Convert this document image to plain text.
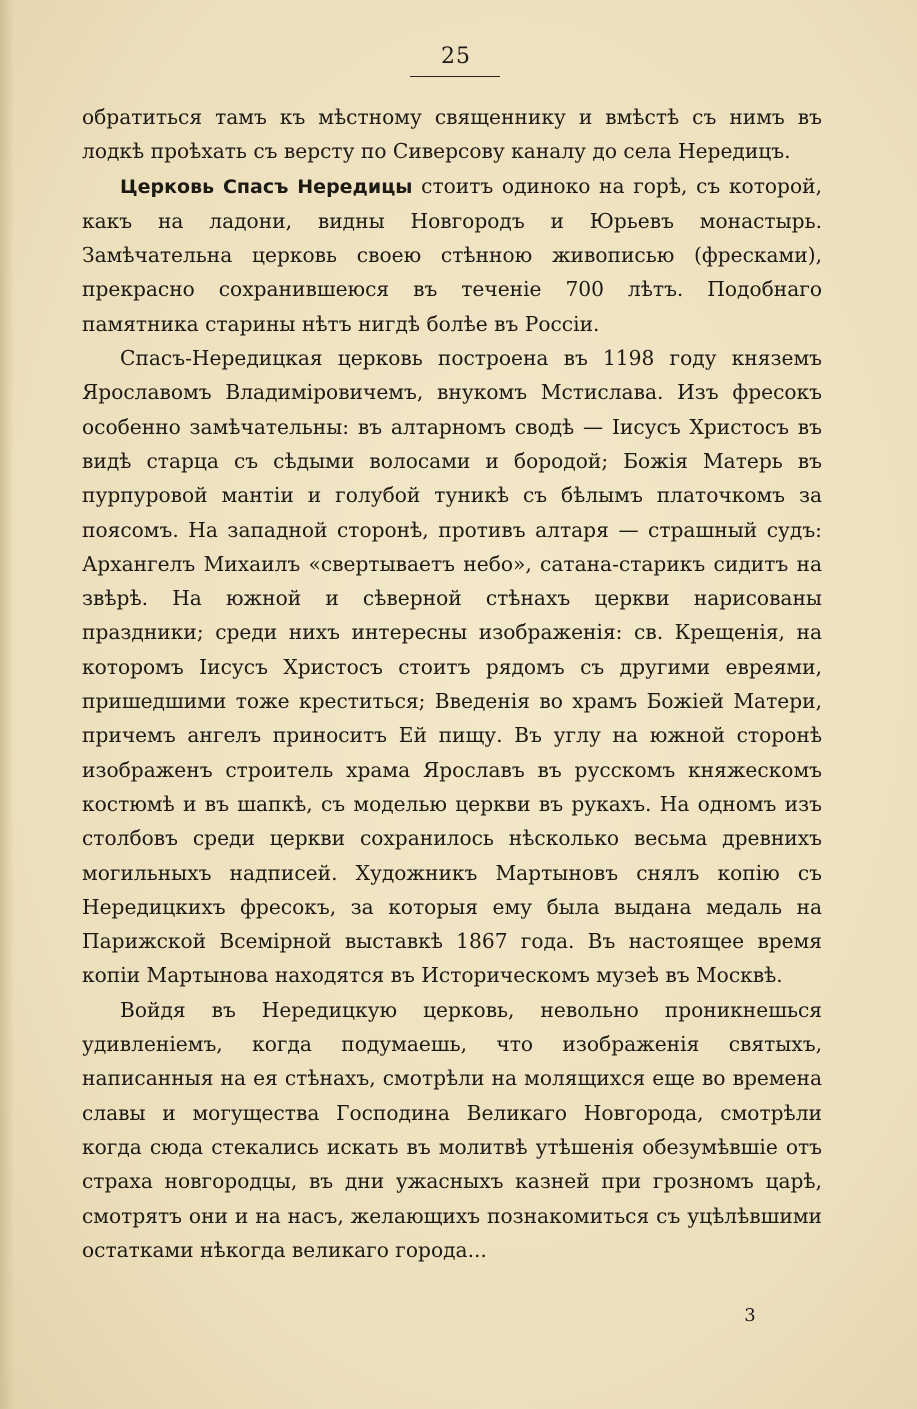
25

обратиться тамъ къ мѣстному священнику и вмѣстѣ съ нимъ въ лодкѣ проѣхать съ версту по Сиверсову каналу до села Нередицъ.

Церковь Спасъ Нередицы стоитъ одиноко на горѣ, съ которой, какъ на ладони, видны Новгородъ и Юрьевъ монастырь. Замѣчательна церковь своею стѣнною живописью (фресками), прекрасно сохранившеюся въ теченіе 700 лѣтъ. Подобнаго памятника старины нѣтъ нигдѣ болѣе въ Россіи.

Спасъ-Нередицкая церковь построена въ 1198 году княземъ Ярославомъ Владиміровичемъ, внукомъ Мстислава. Изъ фресокъ особенно замѣчательны: въ алтарномъ сводѣ — Іисусъ Христосъ въ видѣ старца съ сѣдыми волосами и бородой; Божія Матерь въ пурпуровой мантіи и голубой туникѣ съ бѣлымъ платочкомъ за поясомъ. На западной сторонѣ, противъ алтаря — страшный судъ: Архангелъ Михаилъ «свертываетъ небо», сатана-старикъ сидитъ на звѣрѣ. На южной и сѣверной стѣнахъ церкви нарисованы праздники; среди нихъ интересны изображенія: св. Крещенія, на которомъ Іисусъ Христосъ стоитъ рядомъ съ другими евреями, пришедшими тоже креститься; Введенія во храмъ Божіей Матери, причемъ ангелъ приноситъ Ей пищу. Въ углу на южной сторонѣ изображенъ строитель храма Ярославъ въ русскомъ княжескомъ костюмѣ и въ шапкѣ, съ моделью церкви въ рукахъ. На одномъ изъ столбовъ среди церкви сохранилось нѣсколько весьма древнихъ могильныхъ надписей. Художникъ Мартыновъ снялъ копію съ Нередицкихъ фресокъ, за которыя ему была выдана медаль на Парижской Всемірной выставкѣ 1867 года. Въ настоящее время копіи Мартынова находятся въ Историческомъ музеѣ въ Москвѣ.

Войдя въ Нередицкую церковь, невольно проникнешься удивленіемъ, когда подумаешь, что изображенія святыхъ, написанныя на ея стѣнахъ, смотрѣли на молящихся еще во времена славы и могущества Господина Великаго Новгорода, смотрѣли когда сюда стекались искать въ молитвѣ утѣшенія обезумѣвшіе отъ страха новгородцы, въ дни ужасныхъ казней при грозномъ царѣ, смотрятъ они и на насъ, желающихъ познакомиться съ уцѣлѣвшими остатками нѣкогда великаго города...

3
